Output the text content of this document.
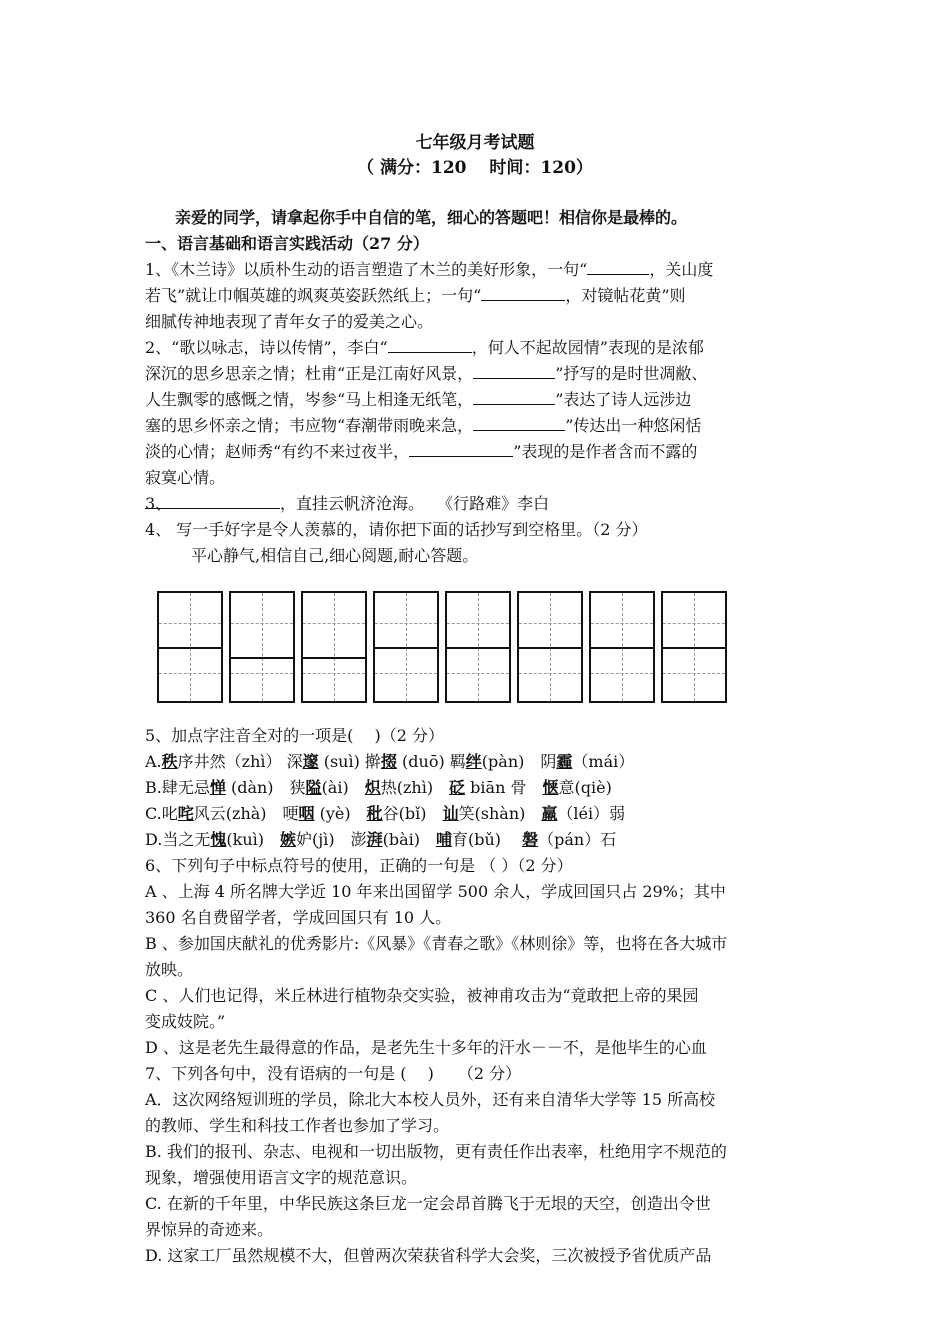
七年级月考试题
（ 满分：120　 时间：120）
亲爱的同学，请拿起你手中自信的笔，细心的答题吧！相信你是最棒的。
一、语言基础和语言实践活动（27 分）
1、《木兰诗》以质朴生动的语言塑造了木兰的美好形象，一句“	，关山度
若飞”就让巾帼英雄的飒爽英姿跃然纸上；一句“	，对镜帖花黄”则
细腻传神地表现了青年女子的爱美之心。
2、“歌以咏志，诗以传情”，李白“	，何人不起故园情”表现的是浓郁
深沉的思乡思亲之情；杜甫“正是江南好风景，	”抒写的是时世凋敝、
人生飘零的感慨之情，岑参“马上相逢无纸笔，	”表达了诗人远涉边
塞的思乡怀亲之情；韦应物“春潮带雨晚来急，	”传达出一种悠闲恬
淡的心情；赵师秀“有约不来过夜半，	”表现的是作者含而不露的
寂寞心情。
3、	，直挂云帆济沧海。　 《行路难》李白
4、 写一手好字是令人羡慕的，请你把下面的话抄写到空格里。（2 分）
平心静气,相信自己,细心阅题,耐心答题。
5、加点字注音全对的一项是(　 )（2 分）
A.秩序井然（zhì） 深邃 (suì) 擀掇 (duō) 羁绊(pàn)　阴霾（mái）
B.肆无忌惮 (dàn)　狭隘(ài)　炽热(zhì)　砭 biān 骨　惬意(qiè)
C.叱咤风云(zhà)　哽咽 (yè)　秕谷(bǐ)　讪笑(shàn)　羸（léi）弱
D.当之无愧(kuì)　嫉妒(jì)　澎湃(bài)　哺育(bǔ)　 磐（pán）石
6、下列句子中标点符号的使用，正确的一句是 （ ）（2 分）
A 、上海 4 所名牌大学近 10 年来出国留学 500 余人，学成回国只占 29%；其中
360 名自费留学者，学成回国只有 10 人。
B 、参加国庆献礼的优秀影片:《风暴》《青春之歌》《林则徐》等，也将在各大城市
放映。
C 、人们也记得，米丘林进行植物杂交实验，被神甫攻击为“竟敢把上帝的果园
变成妓院。”
D 、这是老先生最得意的作品，是老先生十多年的汗水－－不，是他毕生的心血
7、下列各句中，没有语病的一句是 (　 )　　（2 分）
A．这次网络短训班的学员，除北大本校人员外，还有来自清华大学等 15 所高校
的教师、学生和科技工作者也参加了学习。
B. 我们的报刊、杂志、电视和一切出版物，更有责任作出表率，杜绝用字不规范的
现象，增强使用语言文字的规范意识。
C. 在新的千年里，中华民族这条巨龙一定会昂首腾飞于无垠的天空，创造出令世
界惊异的奇迹来。
D. 这家工厂虽然规模不大，但曾两次荣获省科学大会奖，三次被授予省优质产品
